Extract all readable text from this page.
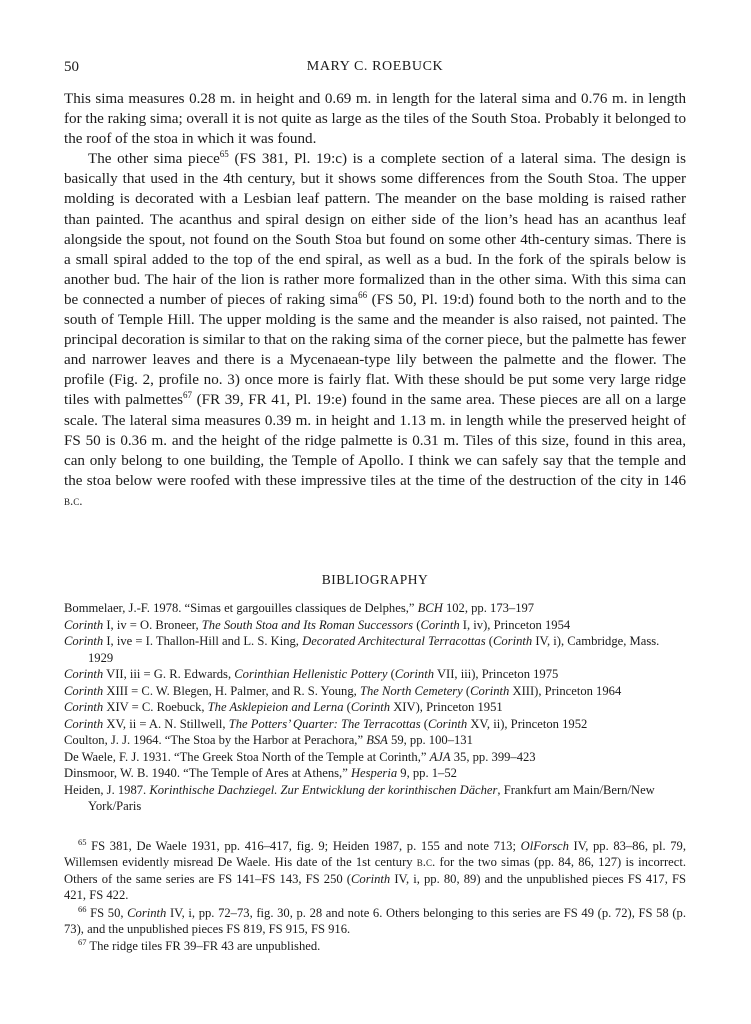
50	MARY C. ROEBUCK

This sima measures 0.28 m. in height and 0.69 m. in length for the lateral sima and 0.76 m. in length for the raking sima; overall it is not quite as large as the tiles of the South Stoa. Probably it belonged to the roof of the stoa in which it was found.

The other sima piece$^{65}$ (FS 381, Pl. 19:c) is a complete section of a lateral sima. The design is basically that used in the 4th century, but it shows some differences from the South Stoa. The upper molding is decorated with a Lesbian leaf pattern. The meander on the base molding is raised rather than painted. The acanthus and spiral design on either side of the lion’s head has an acanthus leaf alongside the spout, not found on the South Stoa but found on some other 4th-century simas. There is a small spiral added to the top of the end spiral, as well as a bud. In the fork of the spirals below is another bud. The hair of the lion is rather more formalized than in the other sima. With this sima can be connected a number of pieces of raking sima$^{66}$ (FS 50, Pl. 19:d) found both to the north and to the south of Temple Hill. The upper molding is the same and the meander is also raised, not painted. The principal decoration is similar to that on the raking sima of the corner piece, but the palmette has fewer and narrower leaves and there is a Mycenaean-type lily between the palmette and the flower. The profile (Fig. 2, profile no. 3) once more is fairly flat. With these should be put some very large ridge tiles with palmettes$^{67}$ (FR 39, FR 41, Pl. 19:e) found in the same area. These pieces are all on a large scale. The lateral sima measures 0.39 m. in height and 1.13 m. in length while the preserved height of FS 50 is 0.36 m. and the height of the ridge palmette is 0.31 m. Tiles of this size, found in this area, can only belong to one building, the Temple of Apollo. I think we can safely say that the temple and the stoa below were roofed with these impressive tiles at the time of the destruction of the city in 146 b.c.

BIBLIOGRAPHY
Bommelaer, J.-F. 1978. “Simas et gargouilles classiques de Delphes,” BCH 102, pp. 173–197
Corinth I, iv = O. Broneer, The South Stoa and Its Roman Successors (Corinth I, iv), Princeton 1954
Corinth I, ive = I. Thallon-Hill and L. S. King, Decorated Architectural Terracottas (Corinth IV, i), Cambridge, Mass. 1929
Corinth VII, iii = G. R. Edwards, Corinthian Hellenistic Pottery (Corinth VII, iii), Princeton 1975
Corinth XIII = C. W. Blegen, H. Palmer, and R. S. Young, The North Cemetery (Corinth XIII), Princeton 1964
Corinth XIV = C. Roebuck, The Asklepieion and Lerna (Corinth XIV), Princeton 1951
Corinth XV, ii = A. N. Stillwell, The Potters’ Quarter: The Terracottas (Corinth XV, ii), Princeton 1952
Coulton, J. J. 1964. “The Stoa by the Harbor at Perachora,” BSA 59, pp. 100–131
De Waele, F. J. 1931. “The Greek Stoa North of the Temple at Corinth,” AJA 35, pp. 399–423
Dinsmoor, W. B. 1940. “The Temple of Ares at Athens,” Hesperia 9, pp. 1–52
Heiden, J. 1987. Korinthische Dachziegel. Zur Entwicklung der korinthischen Dächer, Frankfurt am Main/Bern/New York/Paris
$^{65}$ FS 381, De Waele 1931, pp. 416–417, fig. 9; Heiden 1987, p. 155 and note 713; OlForsch IV, pp. 83–86, pl. 79, Willemsen evidently misread De Waele. His date of the 1st century b.c. for the two simas (pp. 84, 86, 127) is incorrect. Others of the same series are FS 141–FS 143, FS 250 (Corinth IV, i, pp. 80, 89) and the unpublished pieces FS 417, FS 421, FS 422.
$^{66}$ FS 50, Corinth IV, i, pp. 72–73, fig. 30, p. 28 and note 6. Others belonging to this series are FS 49 (p. 72), FS 58 (p. 73), and the unpublished pieces FS 819, FS 915, FS 916.
$^{67}$ The ridge tiles FR 39–FR 43 are unpublished.
